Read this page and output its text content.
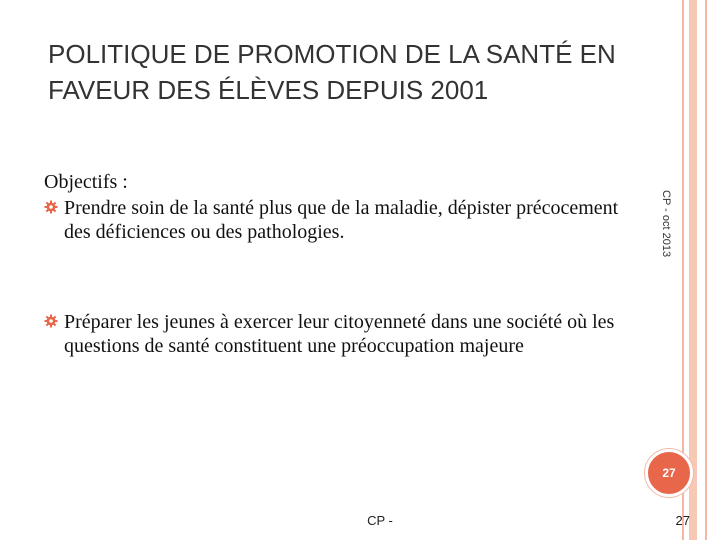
POLITIQUE DE PROMOTION DE LA SANTÉ EN
FAVEUR DES ÉLÈVES DEPUIS 2001
CP - oct 2013

Objectifs :

Prendre soin de la santé plus que de la maladie, dépister précocement des déficiences ou des pathologies.

Préparer les jeunes à exercer leur citoyenneté dans une société où les questions de santé constituent une préoccupation majeure

27
CP -	27
